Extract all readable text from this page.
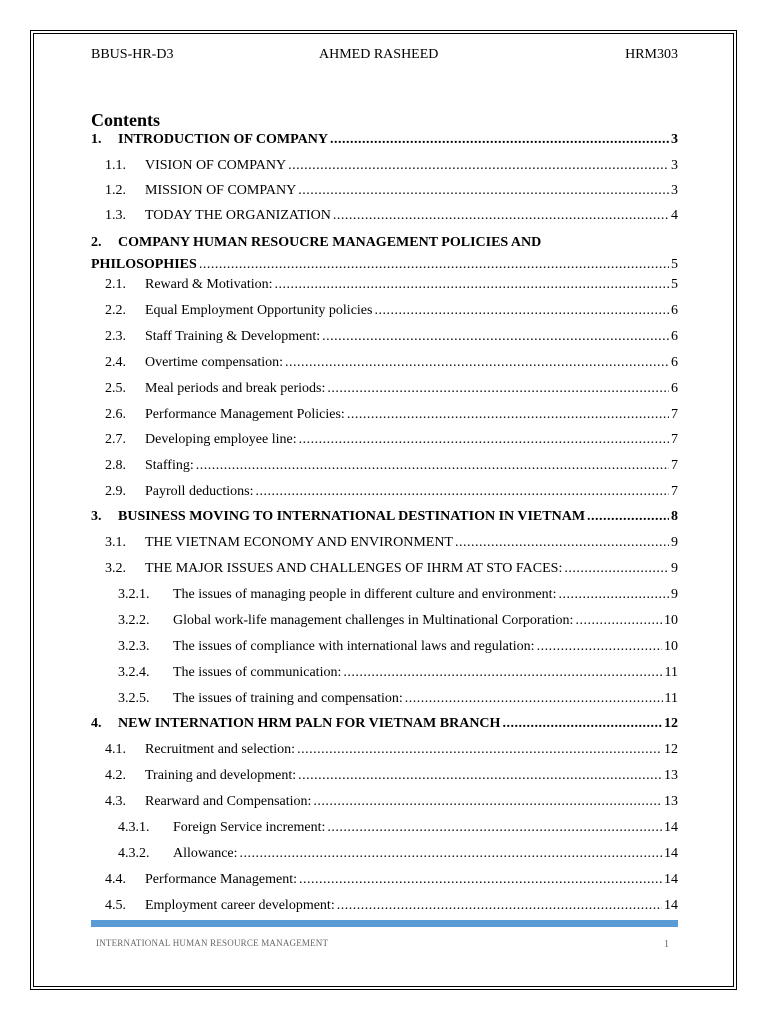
BBUS-HR-D3	AHMED RASHEED	HRM303
Contents
1.	INTRODUCTION OF COMPANY .....	3
1.1.	VISION OF COMPANY .....	3
1.2.	MISSION OF COMPANY .....	3
1.3.	TODAY THE ORGANIZATION .....	4
2. COMPANY HUMAN RESOUCRE MANAGEMENT POLICIES AND
PHILOSOPHIES .....	5
2.1.	Reward & Motivation: .....	5
2.2.	Equal Employment Opportunity policies .....	6
2.3.	Staff Training & Development: .....	6
2.4.	Overtime compensation: .....	6
2.5.	Meal periods and break periods: .....	6
2.6.	Performance Management Policies: .....	7
2.7.	Developing employee line: .....	7
2.8.	Staffing: .....	7
2.9.	Payroll deductions: .....	7
3.	BUSINESS MOVING TO INTERNATIONAL DESTINATION IN VIETNAM .....	8
3.1.	THE VIETNAM ECONOMY AND ENVIRONMENT .....	9
3.2.	THE MAJOR ISSUES AND CHALLENGES OF IHRM AT STO FACES: .....	9
3.2.1.	The issues of managing people in different culture and environment: .....	9
3.2.2.	Global work-life management challenges in Multinational Corporation: .....	10
3.2.3.	The issues of compliance with international laws and regulation: .....	10
3.2.4.	The issues of communication: .....	11
3.2.5.	The issues of training and compensation: .....	11
4.	NEW INTERNATION HRM PALN FOR VIETNAM BRANCH .....	12
4.1.	Recruitment and selection: .....	12
4.2.	Training and development: .....	13
4.3.	Rearward and Compensation: .....	13
4.3.1.	Foreign Service increment: .....	14
4.3.2.	Allowance: .....	14
4.4.	Performance Management: .....	14
4.5.	Employment career development: .....	14
INTERNATIONAL HUMAN RESOURCE MANAGEMENT	1
